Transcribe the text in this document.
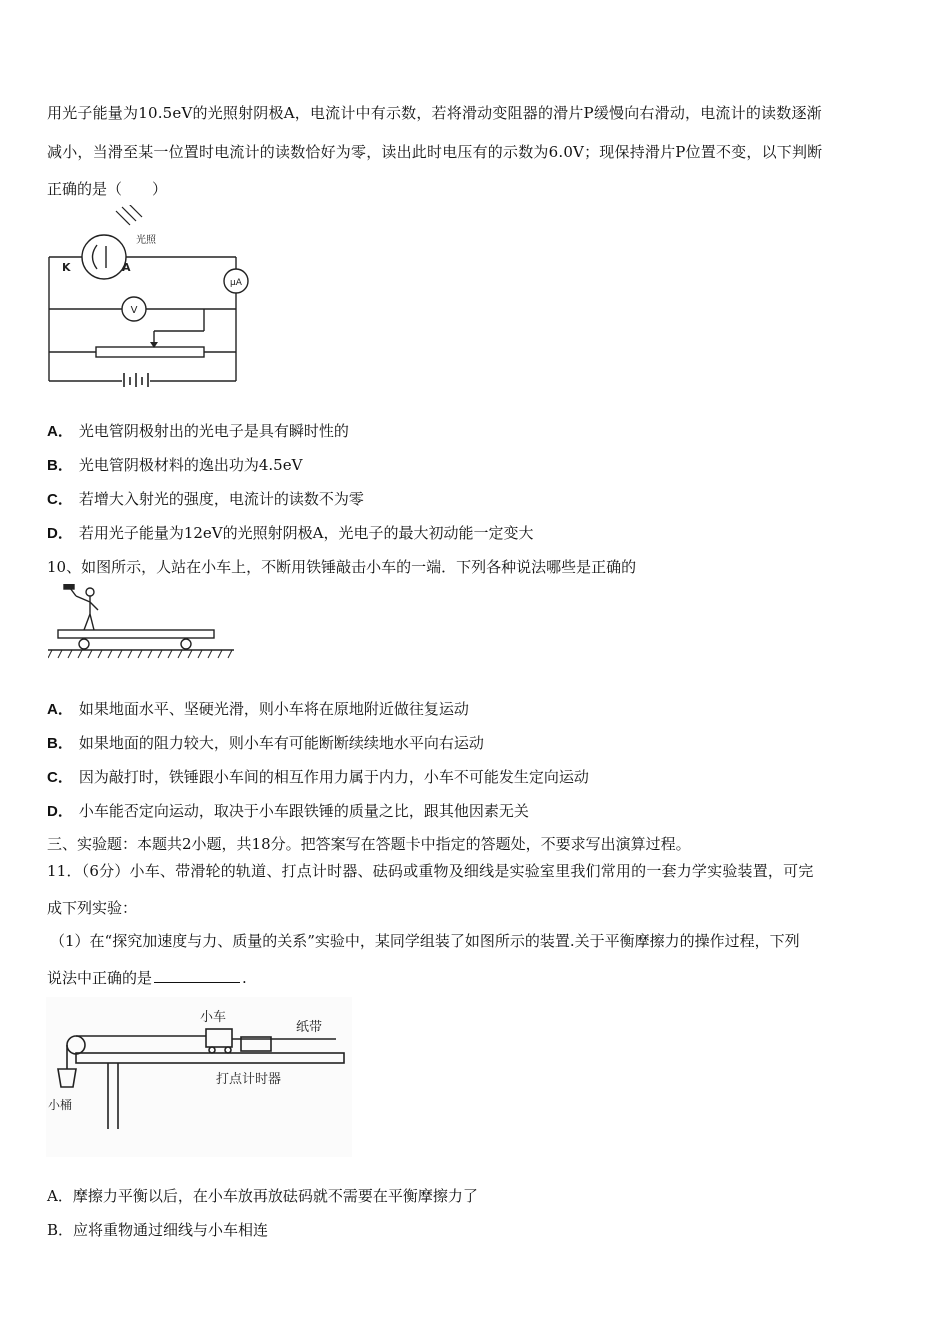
用光子能量为10.5eV的光照射阴极A，电流计中有示数，若将滑动变阻器的滑片P缓慢向右滑动，电流计的读数逐渐
减小，当滑至某一位置时电流计的读数恰好为零，读出此时电压有的示数为6.0V；现保持滑片P位置不变，以下判断
正确的是（　　）
μA
V
光照
K	A
A． 光电管阴极射出的光电子是具有瞬时性的
B． 光电管阴极材料的逸出功为4.5eV
C． 若增大入射光的强度，电流计的读数不为零
D． 若用光子能量为12eV的光照射阴极A，光电子的最大初动能一定变大
10、如图所示，人站在小车上，不断用铁锤敲击小车的一端．下列各种说法哪些是正确的
A． 如果地面水平、坚硬光滑，则小车将在原地附近做往复运动
B． 如果地面的阻力较大，则小车有可能断断续续地水平向右运动
C． 因为敲打时，铁锤跟小车间的相互作用力属于内力，小车不可能发生定向运动
D． 小车能否定向运动，取决于小车跟铁锤的质量之比，跟其他因素无关
三、实验题：本题共2小题，共18分。把答案写在答题卡中指定的答题处，不要求写出演算过程。
11．（6分）小车、带滑轮的轨道、打点计时器、砝码或重物及细线是实验室里我们常用的一套力学实验装置，可完
成下列实验：
（1）在“探究加速度与力、质量的关系”实验中，某同学组装了如图所示的装置.关于平衡摩擦力的操作过程，下列
说法中正确的是	.
小车
纸带
打点计时器
小桶
A．摩擦力平衡以后，在小车放再放砝码就不需要在平衡摩擦力了
B．应将重物通过细线与小车相连
